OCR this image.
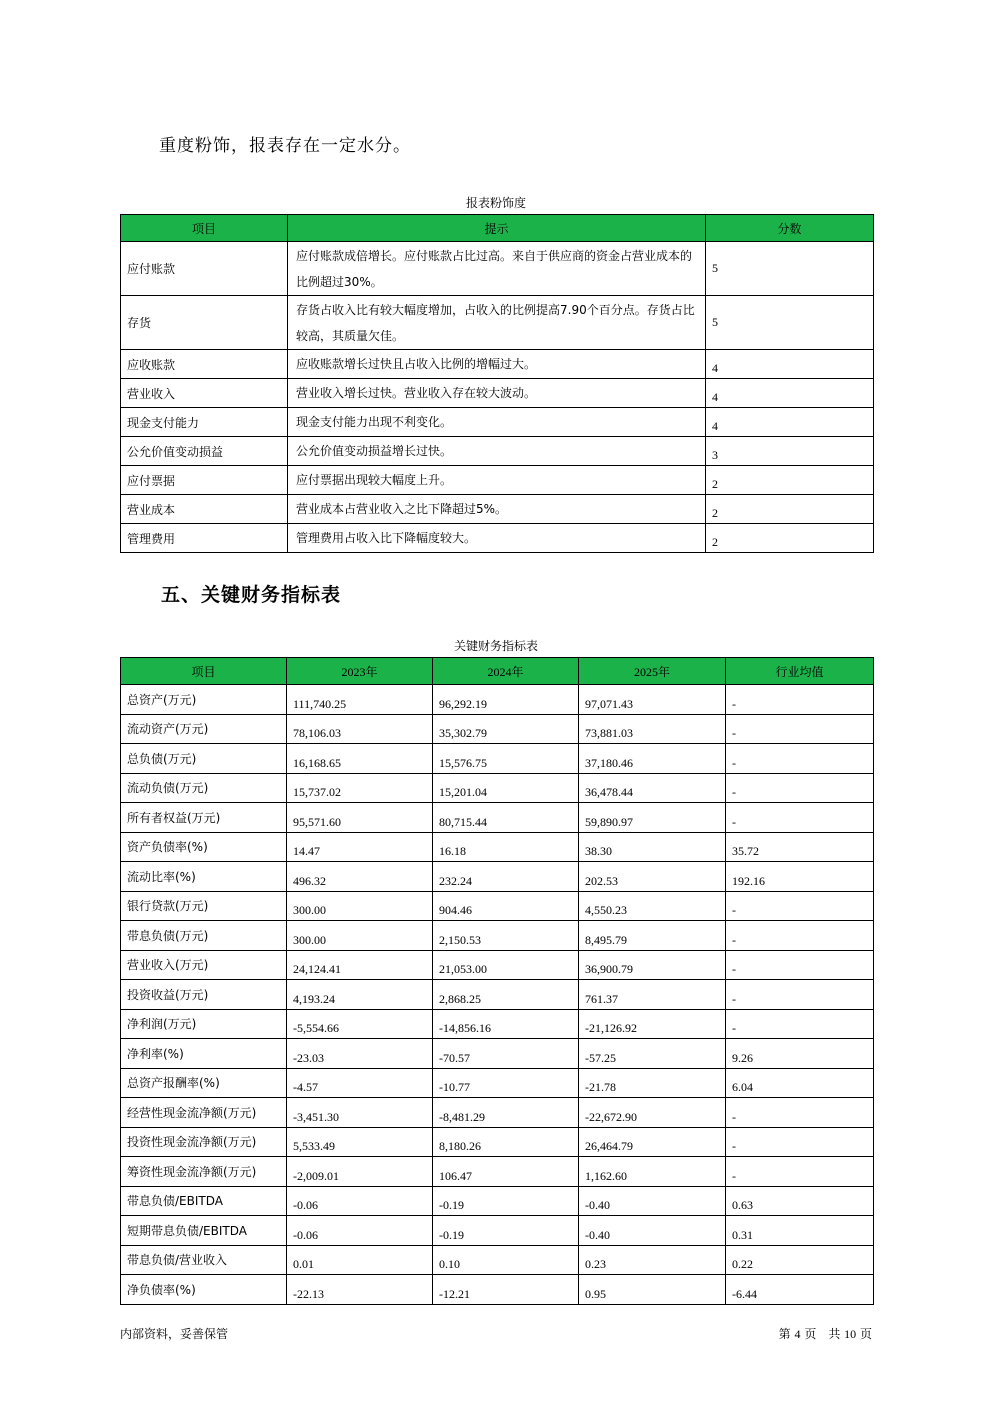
重度粉饰，报表存在一定水分。
报表粉饰度
项目	提示	分数
应付账款	应付账款成倍增长。应付账款占比过高。来自于供应商的资金占营业成本的比例超过30%。	5
存货	存货占收入比有较大幅度增加，占收入的比例提高7.90个百分点。存货占比较高，其质量欠佳。	5
应收账款	应收账款增长过快且占收入比例的增幅过大。	4
营业收入	营业收入增长过快。营业收入存在较大波动。	4
现金支付能力	现金支付能力出现不利变化。	4
公允价值变动损益	公允价值变动损益增长过快。	3
应付票据	应付票据出现较大幅度上升。	2
营业成本	营业成本占营业收入之比下降超过5%。	2
管理费用	管理费用占收入比下降幅度较大。	2
五、关键财务指标表
关键财务指标表
项目	2023年	2024年	2025年	行业均值
总资产(万元)	111,740.25	96,292.19	97,071.43	-
流动资产(万元)	78,106.03	35,302.79	73,881.03	-
总负债(万元)	16,168.65	15,576.75	37,180.46	-
流动负债(万元)	15,737.02	15,201.04	36,478.44	-
所有者权益(万元)	95,571.60	80,715.44	59,890.97	-
资产负债率(%)	14.47	16.18	38.30	35.72
流动比率(%)	496.32	232.24	202.53	192.16
银行贷款(万元)	300.00	904.46	4,550.23	-
带息负债(万元)	300.00	2,150.53	8,495.79	-
营业收入(万元)	24,124.41	21,053.00	36,900.79	-
投资收益(万元)	4,193.24	2,868.25	761.37	-
净利润(万元)	-5,554.66	-14,856.16	-21,126.92	-
净利率(%)	-23.03	-70.57	-57.25	9.26
总资产报酬率(%)	-4.57	-10.77	-21.78	6.04
经营性现金流净额(万元)	-3,451.30	-8,481.29	-22,672.90	-
投资性现金流净额(万元)	5,533.49	8,180.26	26,464.79	-
筹资性现金流净额(万元)	-2,009.01	106.47	1,162.60	-
带息负债/EBITDA	-0.06	-0.19	-0.40	0.63
短期带息负债/EBITDA	-0.06	-0.19	-0.40	0.31
带息负债/营业收入	0.01	0.10	0.23	0.22
净负债率(%)	-22.13	-12.21	0.95	-6.44
内部资料，妥善保管	第 4 页　共 10 页
